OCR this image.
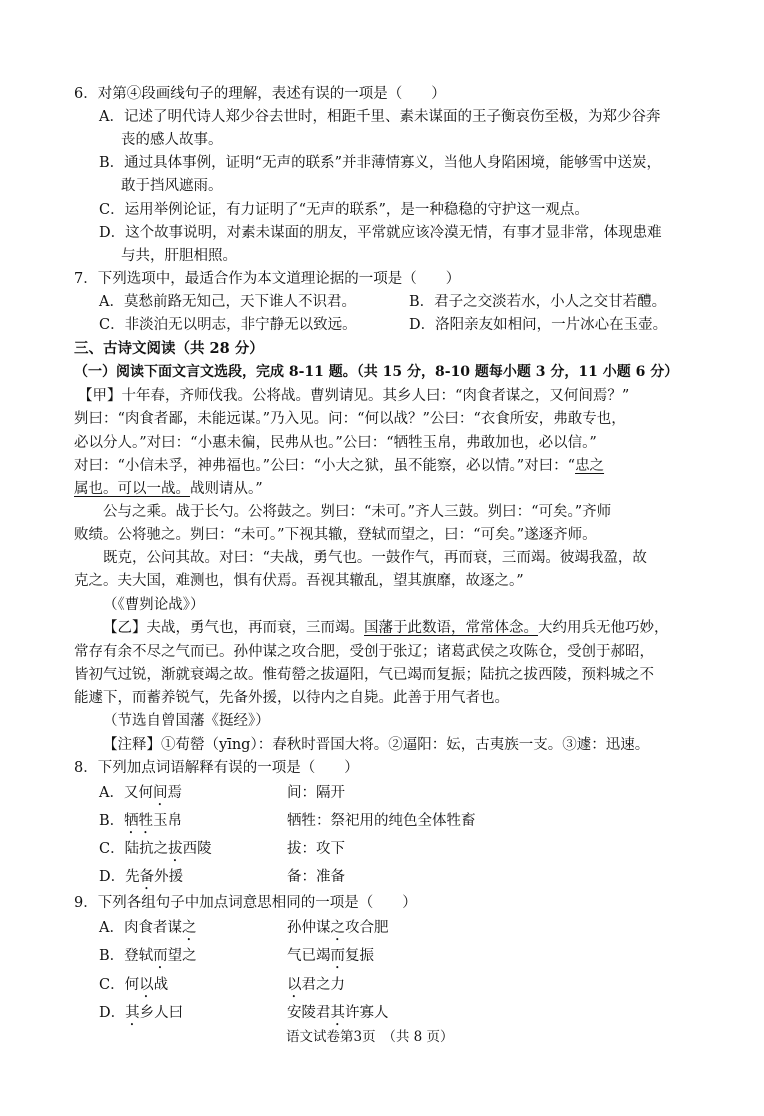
6．对第④段画线句子的理解，表述有误的一项是（　　）
A．记述了明代诗人郑少谷去世时，相距千里、素未谋面的王子衡哀伤至极，为郑少谷奔
丧的感人故事。
B．通过具体事例，证明“无声的联系”并非薄情寡义，当他人身陷困境，能够雪中送炭，
敢于挡风遮雨。
C．运用举例论证，有力证明了“无声的联系”，是一种稳稳的守护这一观点。
D．这个故事说明，对素未谋面的朋友，平常就应该冷漠无情，有事才显非常，体现患难
与共，肝胆相照。
7．下列选项中，最适合作为本文道理论据的一项是（　　）
A．莫愁前路无知己，天下谁人不识君。	B．君子之交淡若水，小人之交甘若醴。
C．非淡泊无以明志，非宁静无以致远。	D．洛阳亲友如相问，一片冰心在玉壶。
三、古诗文阅读（共 28 分）
（一）阅读下面文言文选段，完成 8-11 题。（共 15 分，8-10 题每小题 3 分，11 小题 6 分）
【甲】十年春，齐师伐我。公将战。曹刿请见。其乡人曰：“肉食者谋之，又何间焉？”
刿曰：“肉食者鄙，未能远谋。”乃入见。问：“何以战？”公曰：“衣食所安，弗敢专也，
必以分人。”对曰：“小惠未徧，民弗从也。”公曰：“牺牲玉帛，弗敢加也，必以信。”
对曰：“小信未孚，神弗福也。”公曰：“小大之狱，虽不能察，必以情。”对曰：“忠之
属也。可以一战。战则请从。”
公与之乘。战于长勺。公将鼓之。刿曰：“未可。”齐人三鼓。刿曰：“可矣。”齐师
败绩。公将驰之。刿曰：“未可。”下视其辙，登轼而望之，曰：“可矣。”遂逐齐师。
既克，公问其故。对曰：“夫战，勇气也。一鼓作气，再而衰，三而竭。彼竭我盈，故
克之。夫大国，难测也，惧有伏焉。吾视其辙乱，望其旗靡，故逐之。”
（《曹刿论战》）
【乙】夫战，勇气也，再而衰，三而竭。国藩于此数语，常常体念。大约用兵无他巧妙，
常存有余不尽之气而已。孙仲谋之攻合肥，受创于张辽；诸葛武侯之攻陈仓，受创于郝昭，
皆初气过锐，渐就衰竭之故。惟荀罃之拔逼阳，气已竭而复振；陆抗之拔西陵，预料城之不
能遽下，而蓄养锐气，先备外援，以待内之自毙。此善于用气者也。
（节选自曾国藩《挺经》）
【注释】①荀罃（yīng）：春秋时晋国大将。②逼阳：妘，古夷族一支。③遽：迅速。
8．下列加点词语解释有误的一项是（　　）
A．又何间焉	间：隔开
B．牺牲玉帛	牺牲：祭祀用的纯色全体牲畜
C．陆抗之拔西陵	拔：攻下
D．先备外援	备：准备
9．下列各组句子中加点词意思相同的一项是（　　）
A．肉食者谋之	孙仲谋之攻合肥
B．登轼而望之	气已竭而复振
C．何以战	以君之力
D．其乡人曰	安陵君其许寡人
语文试卷第3页　（共 8 页）
